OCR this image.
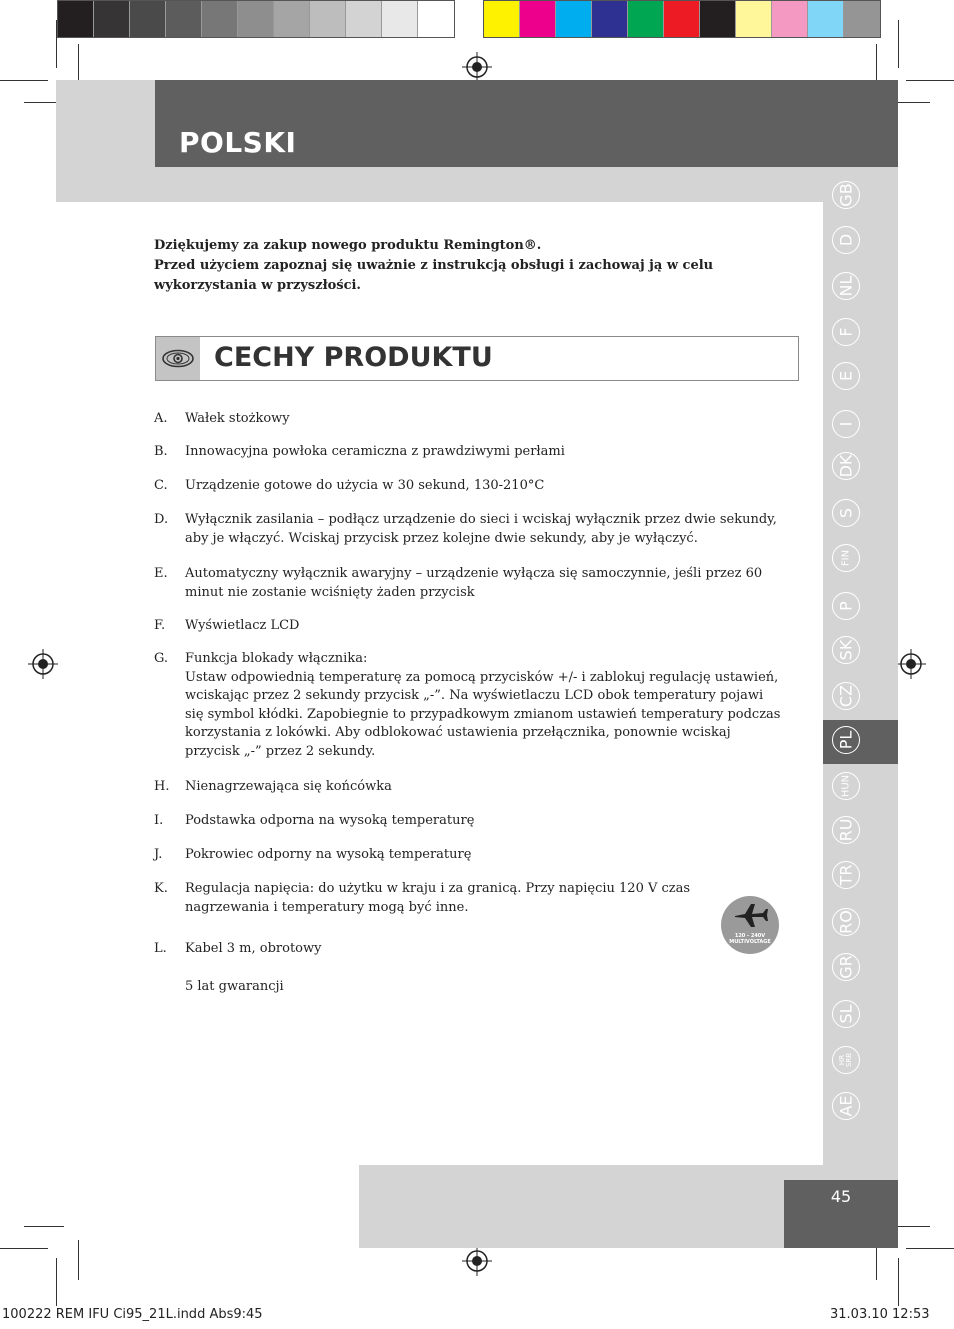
POLSKI
GB
D
NL
F
E
I
DK
S
FIN
P
SK
CZ
PL
HUN
RU
TR
RO
GR
SL
HR SRB
AE

Dziękujemy za zakup nowego produktu Remington®.

Przed użyciem zapoznaj się uważnie z instrukcją obsługi i zachowaj ją w celu wykorzystania w przyszłości.

CECHY PRODUKTU
A. Wałek stożkowy
B. Innowacyjna powłoka ceramiczna z prawdziwymi perłami
C. Urządzenie gotowe do użycia w 30 sekund, 130-210°C
D. Wyłącznik zasilania – podłącz urządzenie do sieci i wciskaj wyłącznik przez dwie sekundy, aby je włączyć. Wciskaj przycisk przez kolejne dwie sekundy, aby je wyłączyć.
E. Automatyczny wyłącznik awaryjny – urządzenie wyłącza się samoczynnie, jeśli przez 60 minut nie zostanie wciśnięty żaden przycisk
F. Wyświetlacz LCD
G. Funkcja blokady włącznika:
Ustaw odpowiednią temperaturę za pomocą przycisków +/- i zablokuj regulację ustawień, wciskając przez 2 sekundy przycisk „-”. Na wyświetlaczu LCD obok temperatury pojawi się symbol kłódki. Zapobiegnie to przypadkowym zmianom ustawień temperatury podczas korzystania z lokówki. Aby odblokować ustawienia przełącznika, ponownie wciskaj przycisk „-” przez 2 sekundy.
H. Nienagrzewająca się końcówka
I. Podstawka odporna na wysoką temperaturę
J. Pokrowiec odporny na wysoką temperaturę
K. Regulacja napięcia: do użytku w kraju i za granicą. Przy napięciu 120 V czas nagrzewania i temperatury mogą być inne.
L. Kabel 3 m, obrotowy
5 lat gwarancji
120 - 240V
MULTIVOLTAGE
45
100222 REM IFU Ci95_21L.indd Abs9:45	31.03.10 12:53
